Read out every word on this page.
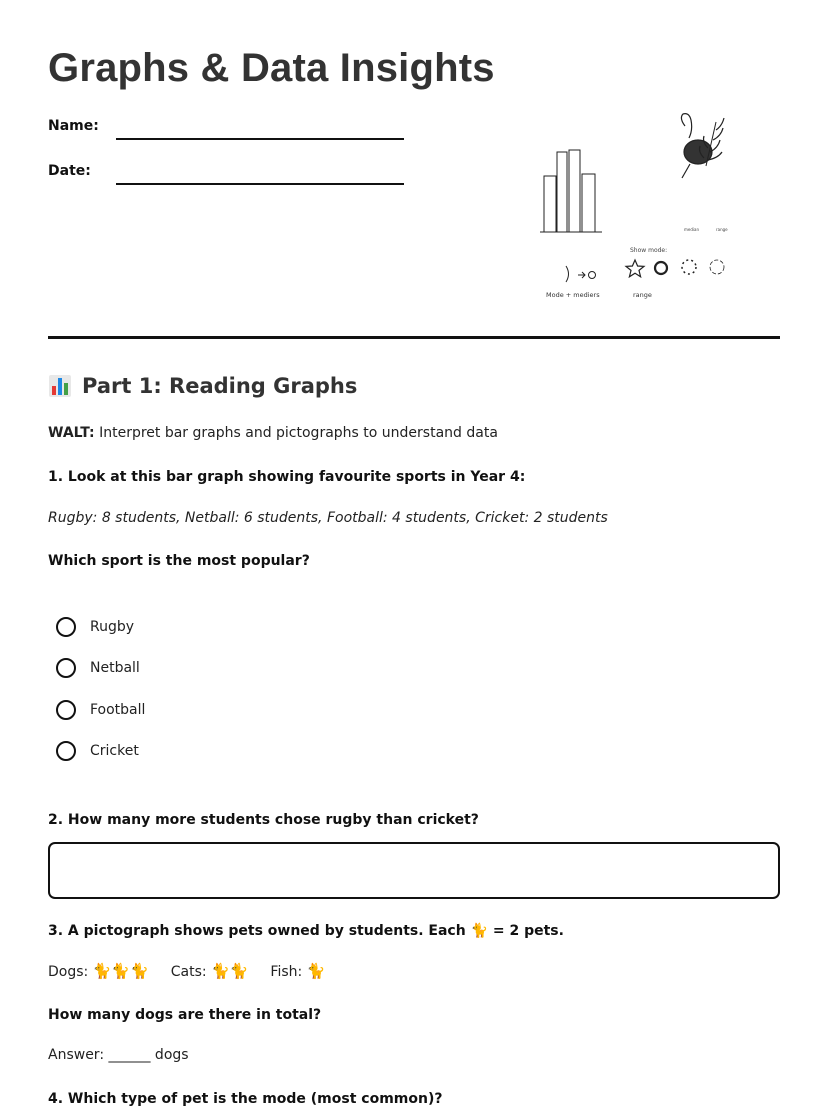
Graphs & Data Insights
Name:
Date:
median	range
Show mode:
Mode + mediers	range
Part 1: Reading Graphs
WALT: Interpret bar graphs and pictographs to understand data
1. Look at this bar graph showing favourite sports in Year 4:
Rugby: 8 students, Netball: 6 students, Football: 4 students, Cricket: 2 students
Which sport is the most popular?
Rugby
Netball
Football
Cricket
2. How many more students chose rugby than cricket?
3. A pictograph shows pets owned by students. Each 🐈 = 2 pets.
Dogs: 🐈🐈🐈 Cats: 🐈🐈 Fish: 🐈
How many dogs are there in total?
Answer: ______ dogs
4. Which type of pet is the mode (most common)?
